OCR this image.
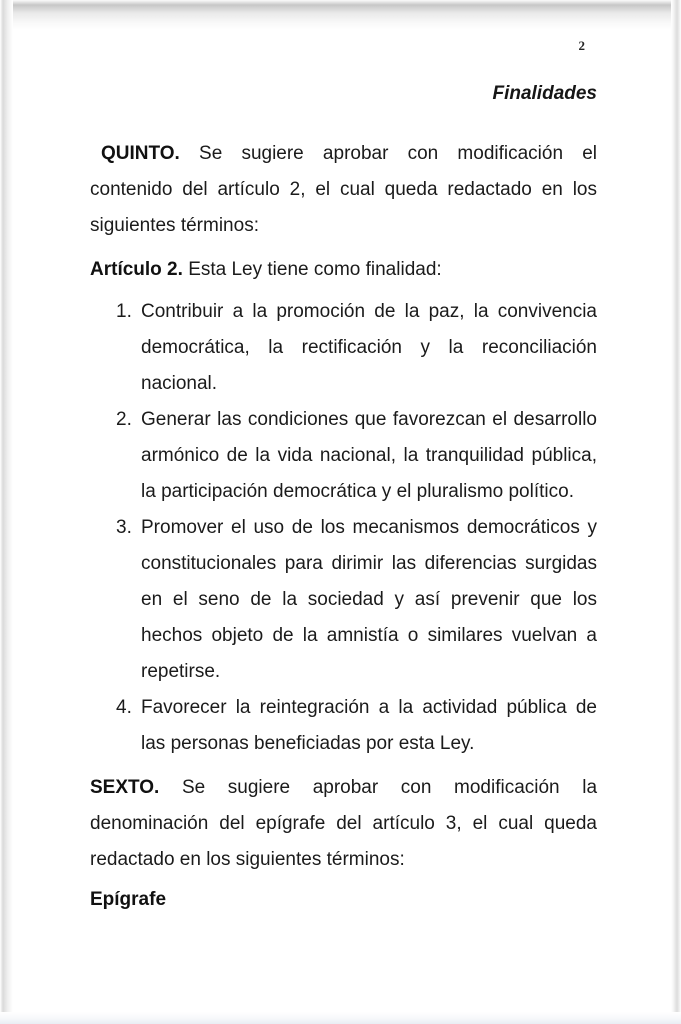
2
Finalidades

QUINTO. Se sugiere aprobar con modificación el contenido del artículo 2, el cual queda redactado en los siguientes términos:

Artículo 2. Esta Ley tiene como finalidad:

1. Contribuir a la promoción de la paz, la convivencia democrática, la rectificación y la reconciliación nacional.
2. Generar las condiciones que favorezcan el desarrollo armónico de la vida nacional, la tranquilidad pública, la participación democrática y el pluralismo político.
3. Promover el uso de los mecanismos democráticos y constitucionales para dirimir las diferencias surgidas en el seno de la sociedad y así prevenir que los hechos objeto de la amnistía o similares vuelvan a repetirse.
4. Favorecer la reintegración a la actividad pública de las personas beneficiadas por esta Ley.

SEXTO. Se sugiere aprobar con modificación la denominación del epígrafe del artículo 3, el cual queda redactado en los siguientes términos:

Epígrafe
